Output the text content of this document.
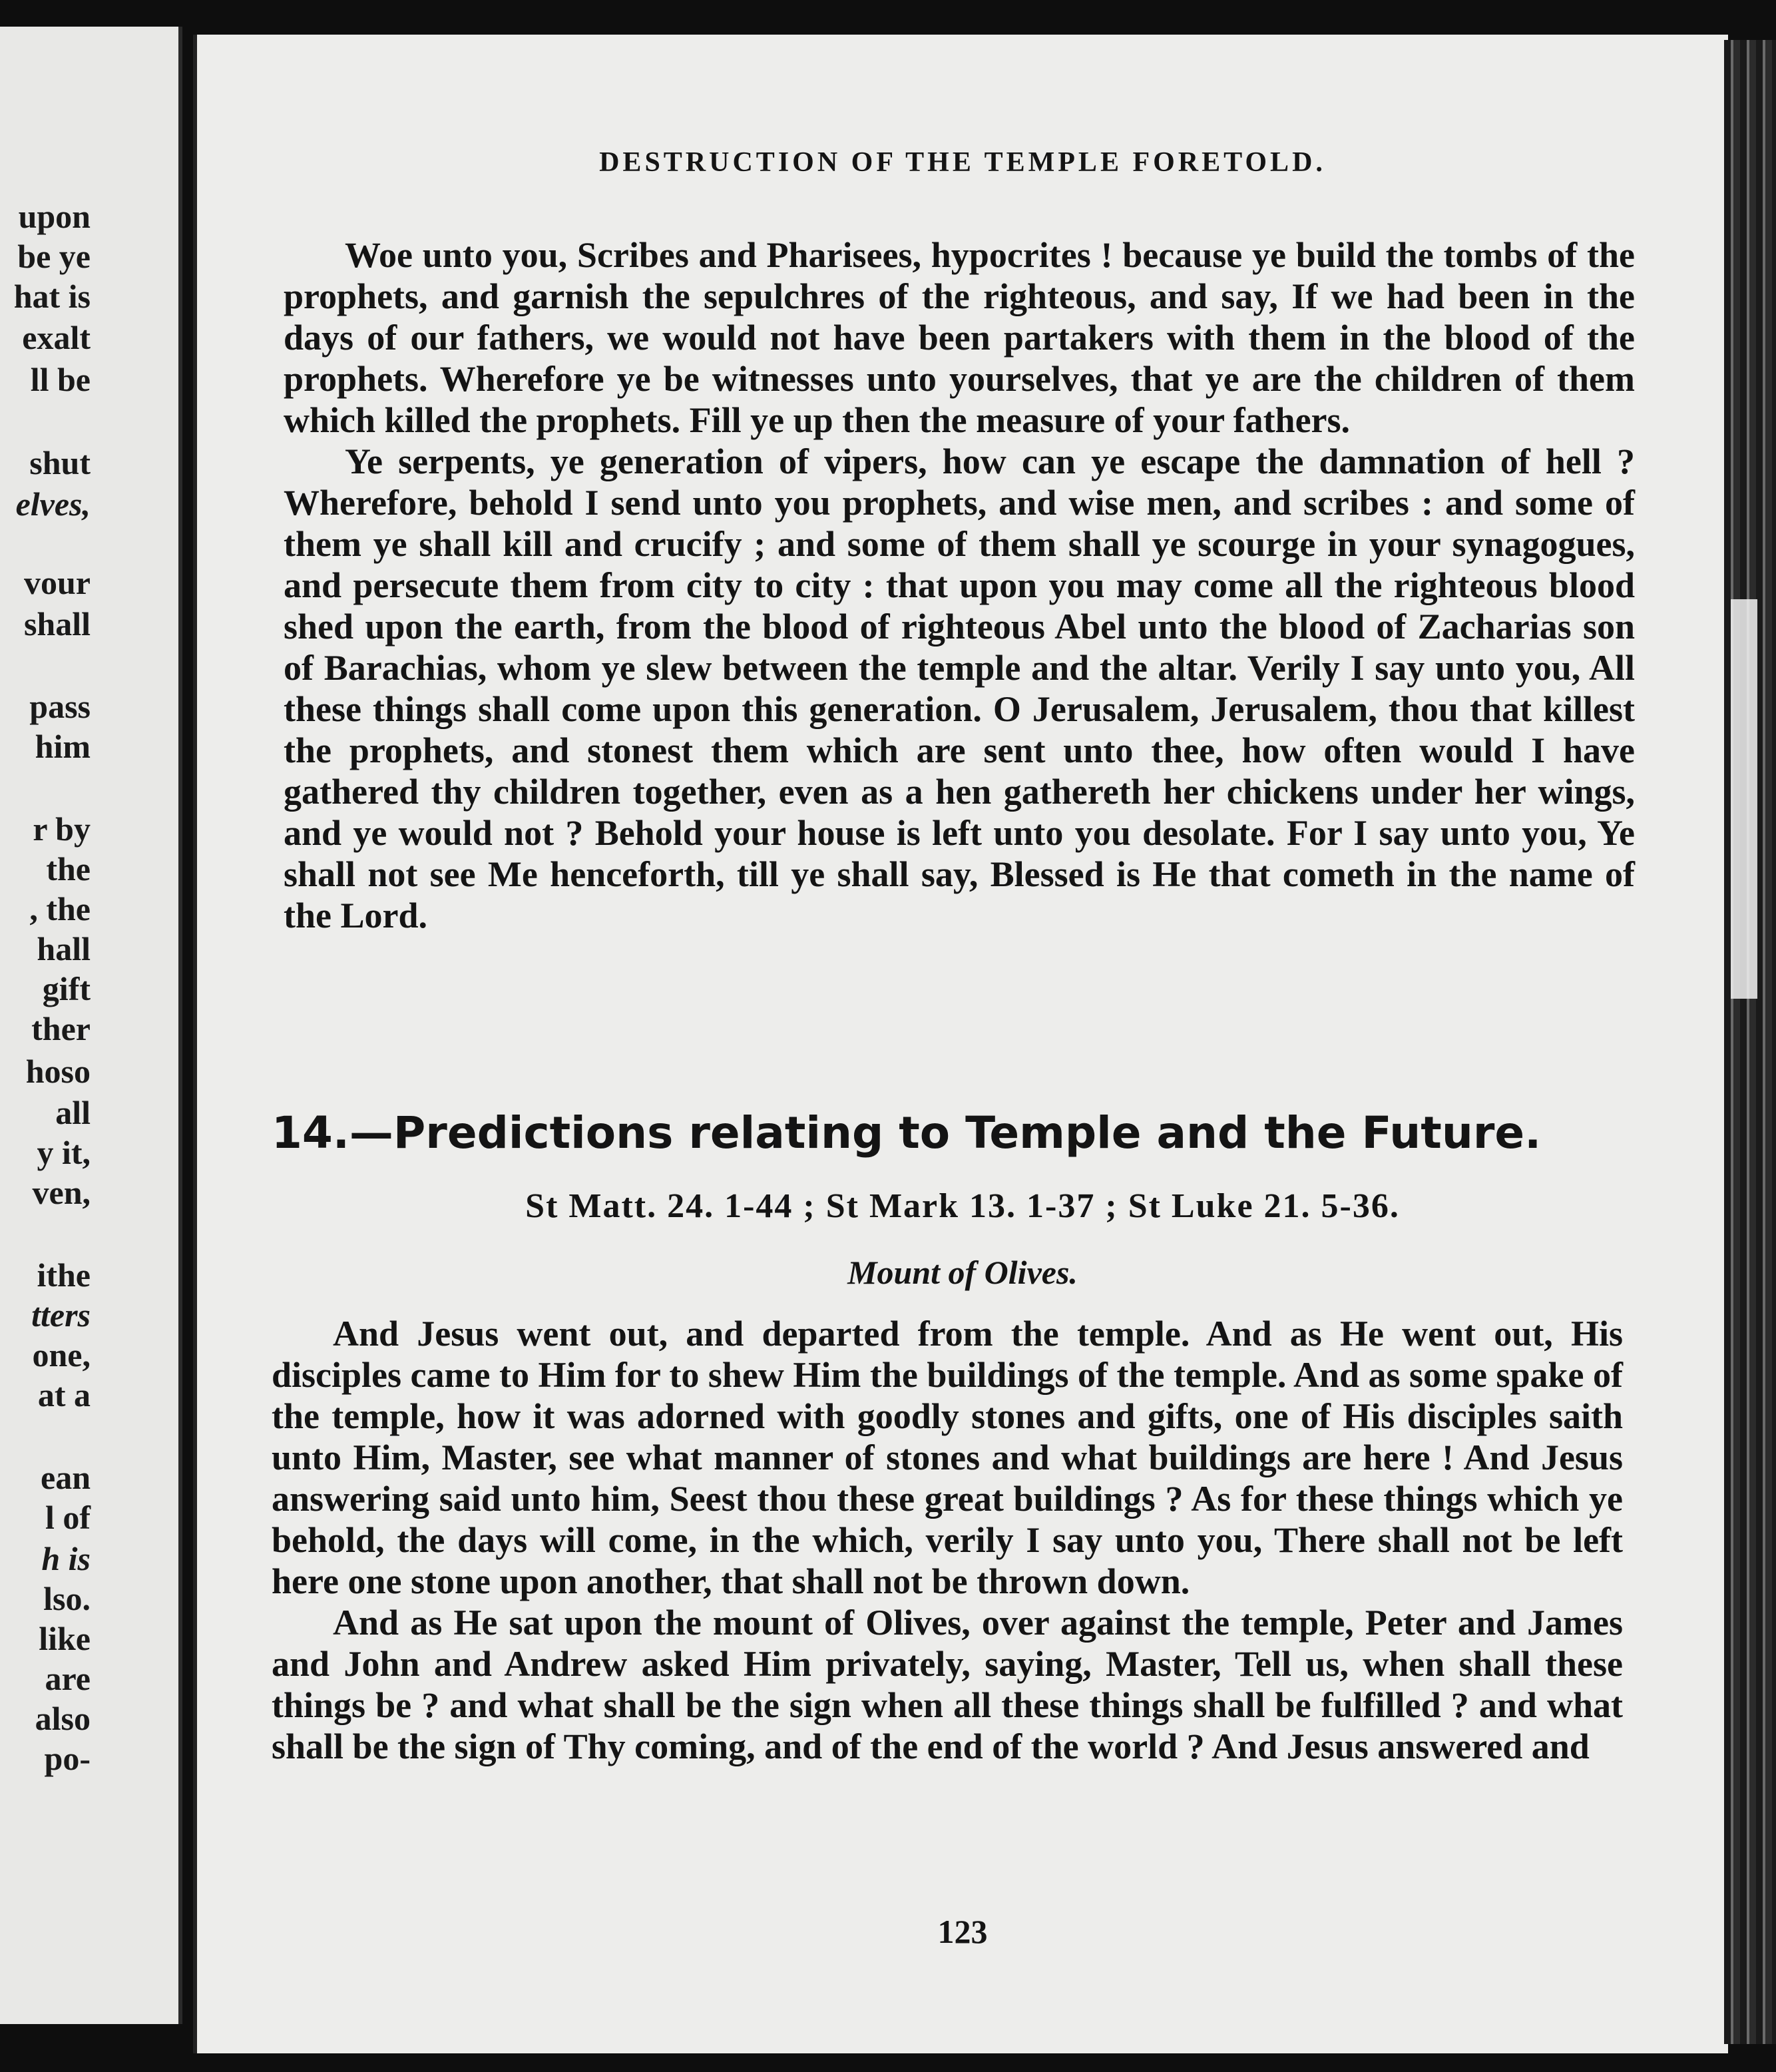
upon
be ye
hat is
exalt
ll be
shut
elves,
vour
shall
pass
him
r by
the
, the
hall
gift
ther
hoso
all
y it,
ven,
ithe
tters
one,
at a
ean
l of
h is
lso.
like
are
also
po-
DESTRUCTION OF THE TEMPLE FORETOLD.

Woe unto you, Scribes and Pharisees, hypocrites ! because ye build the tombs of the prophets, and garnish the sepulchres of the righteous, and say, If we had been in the days of our fathers, we would not have been partakers with them in the blood of the prophets. Wherefore ye be witnesses unto yourselves, that ye are the children of them which killed the prophets. Fill ye up then the measure of your fathers.

Ye serpents, ye generation of vipers, how can ye escape the damnation of hell ? Wherefore, behold I send unto you prophets, and wise men, and scribes : and some of them ye shall kill and crucify ; and some of them shall ye scourge in your synagogues, and persecute them from city to city : that upon you may come all the righteous blood shed upon the earth, from the blood of righteous Abel unto the blood of Zacharias son of Barachias, whom ye slew between the temple and the altar. Verily I say unto you, All these things shall come upon this generation. O Jerusalem, Jerusalem, thou that killest the prophets, and stonest them which are sent unto thee, how often would I have gathered thy children together, even as a hen gathereth her chickens under her wings, and ye would not ? Behold your house is left unto you desolate. For I say unto you, Ye shall not see Me henceforth, till ye shall say, Blessed is He that cometh in the name of the Lord.

14.—Predictions relating to Temple and the Future.
St Matt. 24. 1-44 ; St Mark 13. 1-37 ; St Luke 21. 5-36.
Mount of Olives.

And Jesus went out, and departed from the temple. And as He went out, His disciples came to Him for to shew Him the buildings of the temple. And as some spake of the temple, how it was adorned with goodly stones and gifts, one of His disciples saith unto Him, Master, see what manner of stones and what buildings are here ! And Jesus answering said unto him, Seest thou these great buildings ? As for these things which ye behold, the days will come, in the which, verily I say unto you, There shall not be left here one stone upon another, that shall not be thrown down.

And as He sat upon the mount of Olives, over against the temple, Peter and James and John and Andrew asked Him privately, saying, Master, Tell us, when shall these things be ? and what shall be the sign when all these things shall be fulfilled ? and what shall be the sign of Thy coming, and of the end of the world ? And Jesus answered and

123
